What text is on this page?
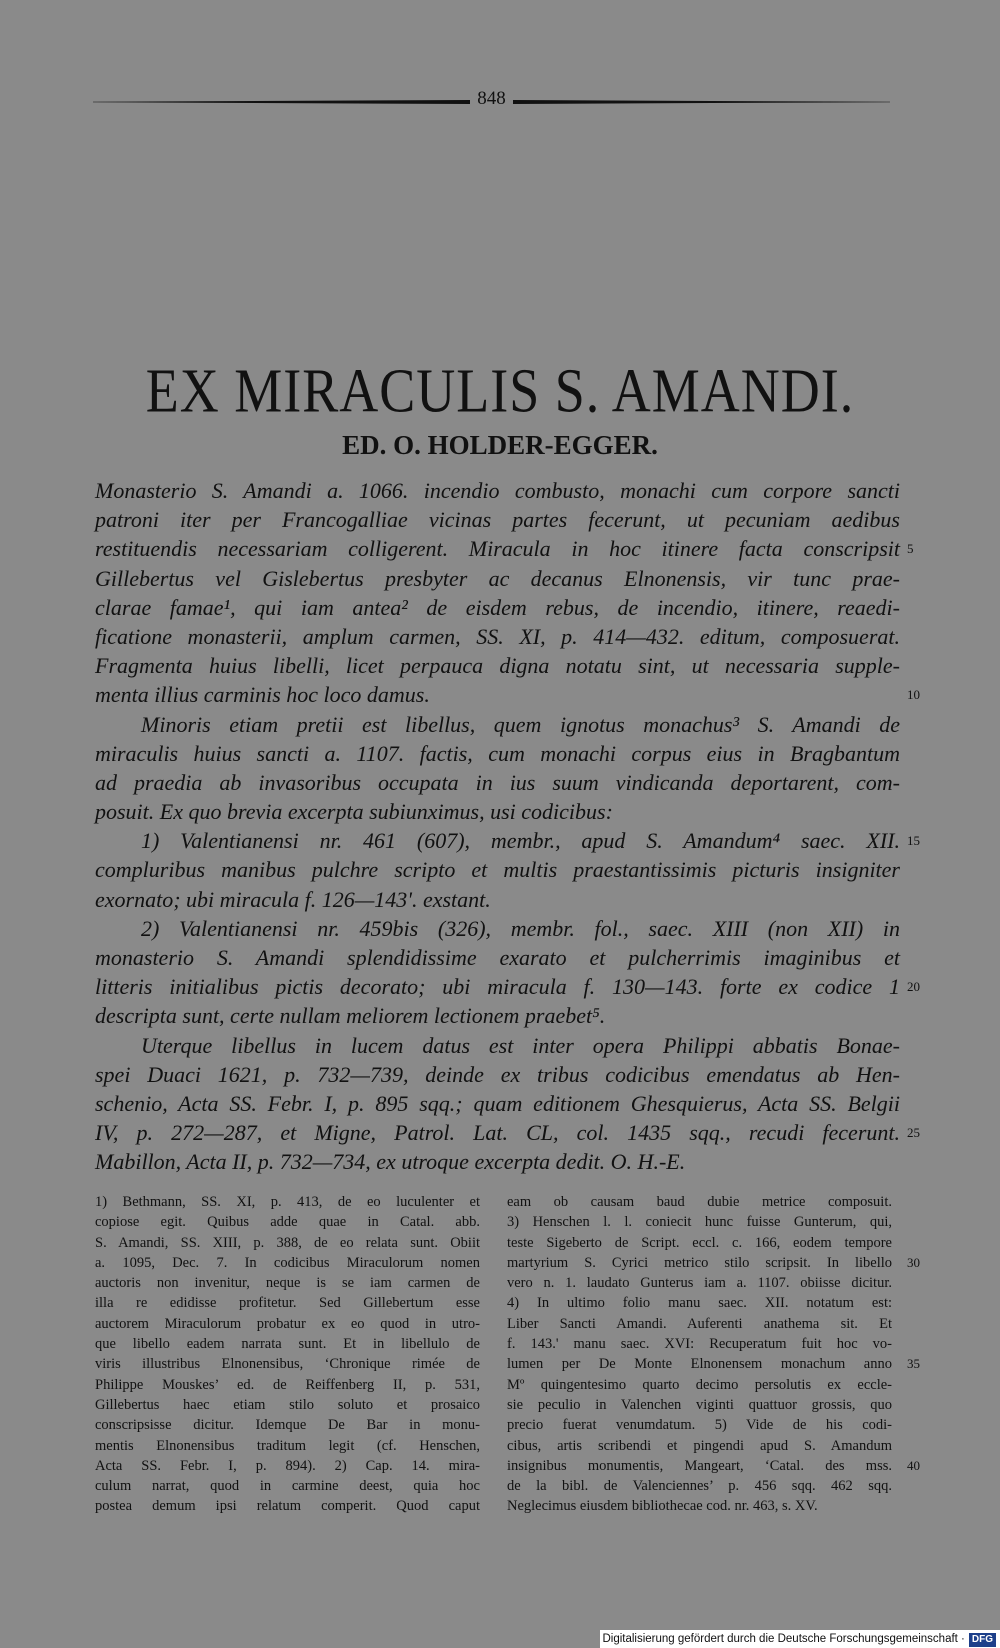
848
EX MIRACULIS S. AMANDI.
ED. O. HOLDER-EGGER.
Monasterio S. Amandi a. 1066. incendio combusto, monachi cum corpore sancti
patroni iter per Francogalliae vicinas partes fecerunt, ut pecuniam aedibus
restituendis necessariam colligerent. Miracula in hoc itinere facta conscripsit 5
Gillebertus vel Gislebertus presbyter ac decanus Elnonensis, vir tunc prae-
clarae famae¹, qui iam antea² de eisdem rebus, de incendio, itinere, reaedi-
ficatione monasterii, amplum carmen, SS. XI, p. 414—432. editum, composuerat.
Fragmenta huius libelli, licet perpauca digna notatu sint, ut necessaria supple-
menta illius carminis hoc loco damus.	10
Minoris etiam pretii est libellus, quem ignotus monachus³ S. Amandi de
miraculis huius sancti a. 1107. factis, cum monachi corpus eius in Bragbantum
ad praedia ab invasoribus occupata in ius suum vindicanda deportarent, com-
posuit. Ex quo brevia excerpta subiunximus, usi codicibus:
1) Valentianensi nr. 461 (607), membr., apud S. Amandum⁴ saec. XII. 15
compluribus manibus pulchre scripto et multis praestantissimis picturis insigniter
exornato; ubi miracula f. 126—143'. exstant.
2) Valentianensi nr. 459bis (326), membr. fol., saec. XIII (non XII) in
monasterio S. Amandi splendidissime exarato et pulcherrimis imaginibus et
litteris initialibus pictis decorato; ubi miracula f. 130—143. forte ex codice 1 20
descripta sunt, certe nullam meliorem lectionem praebet⁵.
Uterque libellus in lucem datus est inter opera Philippi abbatis Bonae-
spei Duaci 1621, p. 732—739, deinde ex tribus codicibus emendatus ab Hen-
schenio, Acta SS. Febr. I, p. 895 sqq.; quam editionem Ghesquierus, Acta SS. Belgii
IV, p. 272—287, et Migne, Patrol. Lat. CL, col. 1435 sqq., recudi fecerunt. 25
Mabillon, Acta II, p. 732—734, ex utroque excerpta dedit. O. H.-E.
1) Bethmann, SS. XI, p. 413, de eo luculenter et
copiose egit. Quibus adde quae in Catal. abb.
S. Amandi, SS. XIII, p. 388, de eo relata sunt. Obiit
a. 1095, Dec. 7. In codicibus Miraculorum nomen
auctoris non invenitur, neque is se iam carmen de
illa re edidisse profitetur. Sed Gillebertum esse
auctorem Miraculorum probatur ex eo quod in utro-
que libello eadem narrata sunt. Et in libellulo de
viris illustribus Elnonensibus, ‘Chronique rimée de
Philippe Mouskes’ ed. de Reiffenberg II, p. 531,
Gillebertus haec etiam stilo soluto et prosaico
conscripsisse dicitur. Idemque De Bar in monu-
mentis Elnonensibus traditum legit (cf. Henschen,
Acta SS. Febr. I, p. 894). 2) Cap. 14. mira-
culum narrat, quod in carmine deest, quia hoc
postea demum ipsi relatum comperit. Quod caput
eam ob causam baud dubie metrice composuit.
3) Henschen l. l. coniecit hunc fuisse Gunterum, qui,
teste Sigeberto de Script. eccl. c. 166, eodem tempore
martyrium S. Cyrici metrico stilo scripsit. In libello 30
vero n. 1. laudato Gunterus iam a. 1107. obiisse dicitur.
4) In ultimo folio manu saec. XII. notatum est:
Liber Sancti Amandi. Auferenti anathema sit. Et
f. 143.' manu saec. XVI: Recuperatum fuit hoc vo-
lumen per De Monte Elnonensem monachum anno 35
Mº quingentesimo quarto decimo persolutis ex eccle-
sie peculio in Valenchen viginti quattuor grossis, quo
precio fuerat venumdatum. 5) Vide de his codi-
cibus, artis scribendi et pingendi apud S. Amandum
insignibus monumentis, Mangeart, ‘Catal. des mss. 40
de la bibl. de Valenciennes’ p. 456 sqq. 462 sqq.
Neglecimus eiusdem bibliothecae cod. nr. 463, s. XV.
Digitalisierung gefördert durch die Deutsche Forschungsgemeinschaft · DFG
